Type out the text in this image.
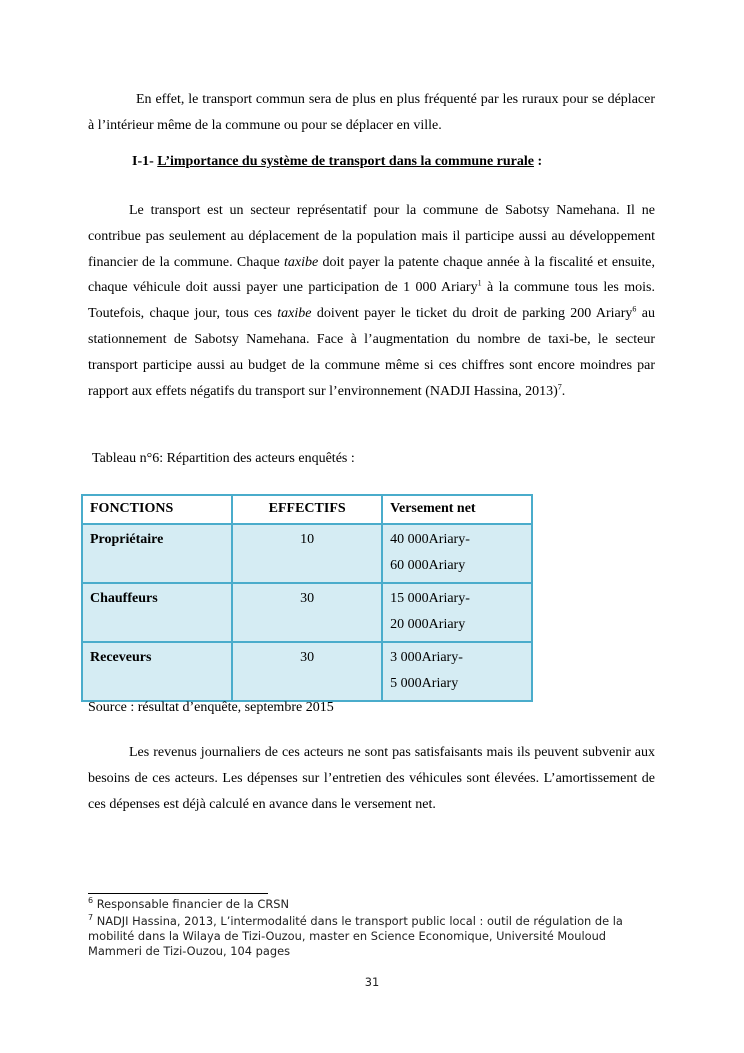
En effet, le transport commun sera de plus en plus fréquenté par les ruraux pour se déplacer à l’intérieur même de la commune ou pour se déplacer en ville.

I-1- L’importance du système de transport dans la commune rurale :

Le transport est un secteur représentatif pour la commune de Sabotsy Namehana. Il ne contribue pas seulement au déplacement de la population mais il participe aussi au développement financier de la commune. Chaque taxibe doit payer la patente chaque année à la fiscalité et ensuite, chaque véhicule doit aussi payer une participation de 1 000 Ariary$^1$ à la commune tous les mois. Toutefois, chaque jour, tous ces taxibe doivent payer le ticket du droit de parking 200 Ariary$^6$ au stationnement de Sabotsy Namehana. Face à l’augmentation du nombre de taxi-be, le secteur transport participe aussi au budget de la commune même si ces chiffres sont encore moindres par rapport aux effets négatifs du transport sur l’environnement (NADJI Hassina, 2013)$^7$.

Tableau n°6: Répartition des acteurs enquêtés :

FONCTIONS	EFFECTIFS	Versement net
Propriétaire	10	40 000Ariary-
60 000Ariary

Chauffeurs	30	15 000Ariary-
20 000Ariary

Receveurs	30	3 000Ariary-
5 000Ariary

Source : résultat d’enquête, septembre 2015

Les revenus journaliers de ces acteurs ne sont pas satisfaisants mais ils peuvent subvenir aux besoins de ces acteurs. Les dépenses sur l’entretien des véhicules sont élevées. L’amortissement de ces dépenses est déjà calculé en avance dans le versement net.

$^6$ Responsable financier de la CRSN

$^7$ NADJI Hassina, 2013, L’intermodalité dans le transport public local : outil de régulation de la mobilité dans la Wilaya de Tizi-Ouzou, master en Science Economique, Université Mouloud Mammeri de Tizi-Ouzou, 104 pages

31
